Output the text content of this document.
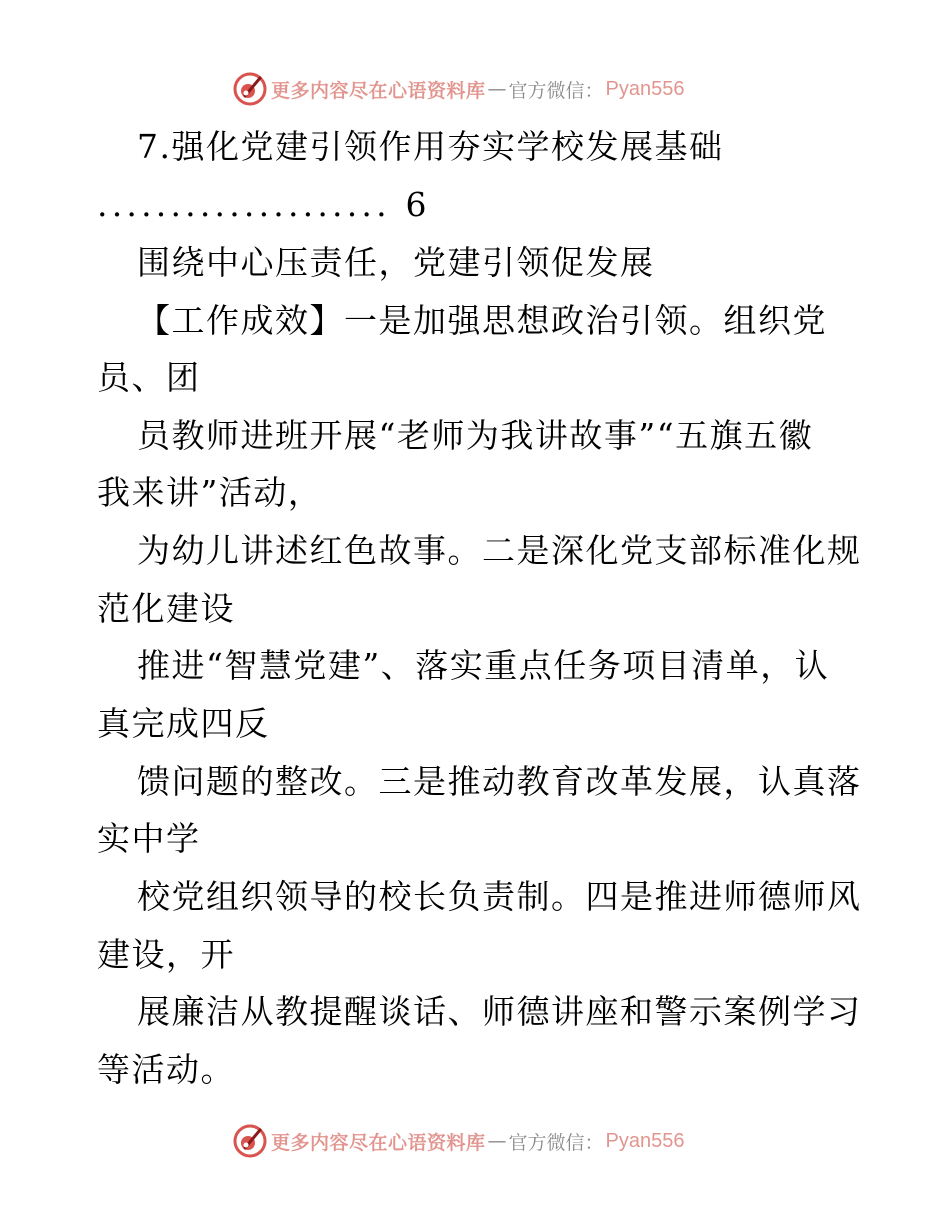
更多内容尽在心语资料库 — 官方微信： Pyan556
7.强化党建引领作用夯实学校发展基础
.................... 6
围绕中心压责任，党建引领促发展
【工作成效】一是加强思想政治引领。组织党
员、团
员教师进班开展“老师为我讲故事”“五旗五徽
我来讲”活动，
为幼儿讲述红色故事。二是深化党支部标准化规
范化建设
推进“智慧党建”、落实重点任务项目清单，认
真完成四反
馈问题的整改。三是推动教育改革发展，认真落
实中学
校党组织领导的校长负责制。四是推进师德师风
建设，开
展廉洁从教提醒谈话、师德讲座和警示案例学习
等活动。
更多内容尽在心语资料库 — 官方微信： Pyan556
